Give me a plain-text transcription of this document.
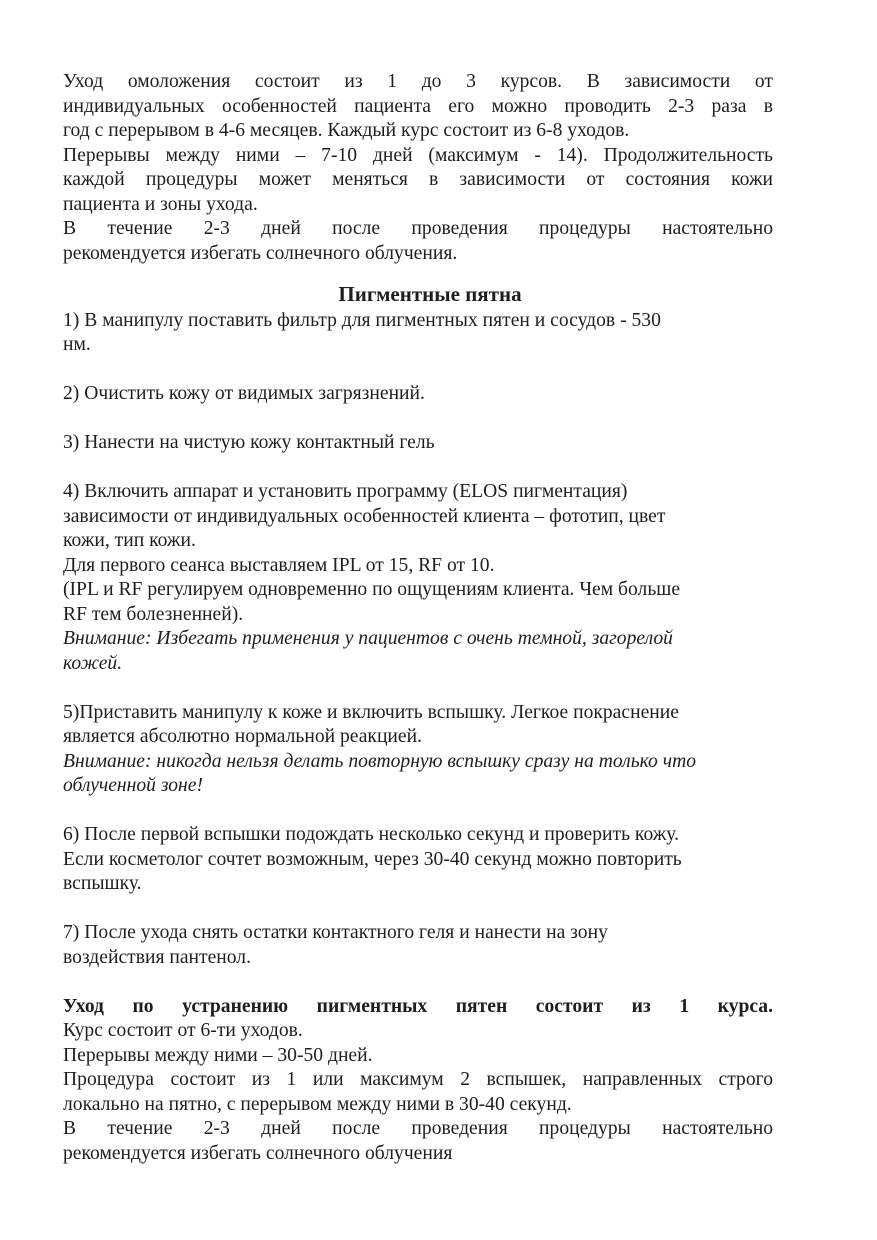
Уход омоложения состоит из 1 до 3 курсов. В зависимости от

индивидуальных особенностей пациента его можно проводить 2-3 раза в

год с перерывом в 4-6 месяцев. Каждый курс состоит из 6-8 уходов.

Перерывы между ними – 7-10 дней (максимум - 14). Продолжительность

каждой процедуры может меняться в зависимости от состояния кожи

пациента и зоны ухода.

В течение 2-3 дней после проведения процедуры настоятельно

рекомендуется избегать солнечного облучения.

Пигментные пятна

1) В манипулу поставить фильтр для пигментных пятен и сосудов - 530

нм.

2) Очистить кожу от видимых загрязнений.

3) Нанести на чистую кожу контактный гель

4) Включить аппарат и установить программу (ELOS пигментация)

зависимости от индивидуальных особенностей клиента – фототип, цвет

кожи, тип кожи.

Для первого сеанса выставляем IPL от 15, RF от 10.

(IPL и RF регулируем одновременно по ощущениям клиента. Чем больше

RF тем болезненней).

Внимание: Избегать применения у пациентов с очень темной, загорелой

кожей.

5)Приставить манипулу к коже и включить вспышку. Легкое покраснение

является абсолютно нормальной реакцией.

Внимание: никогда нельзя делать повторную вспышку сразу на только что

облученной зоне!

6) После первой вспышки подождать несколько секунд и проверить кожу.

Если косметолог сочтет возможным, через 30-40 секунд можно повторить

вспышку.

7) После ухода снять остатки контактного геля и нанести на зону

воздействия пантенол.

Уход по устранению пигментных пятен состоит из 1 курса.

Курс состоит от 6-ти уходов.

Перерывы между ними – 30-50 дней.

Процедура состоит из 1 или максимум 2 вспышек, направленных строго

локально на пятно, с перерывом между ними в 30-40 секунд.

В течение 2-3 дней после проведения процедуры настоятельно

рекомендуется избегать солнечного облучения
